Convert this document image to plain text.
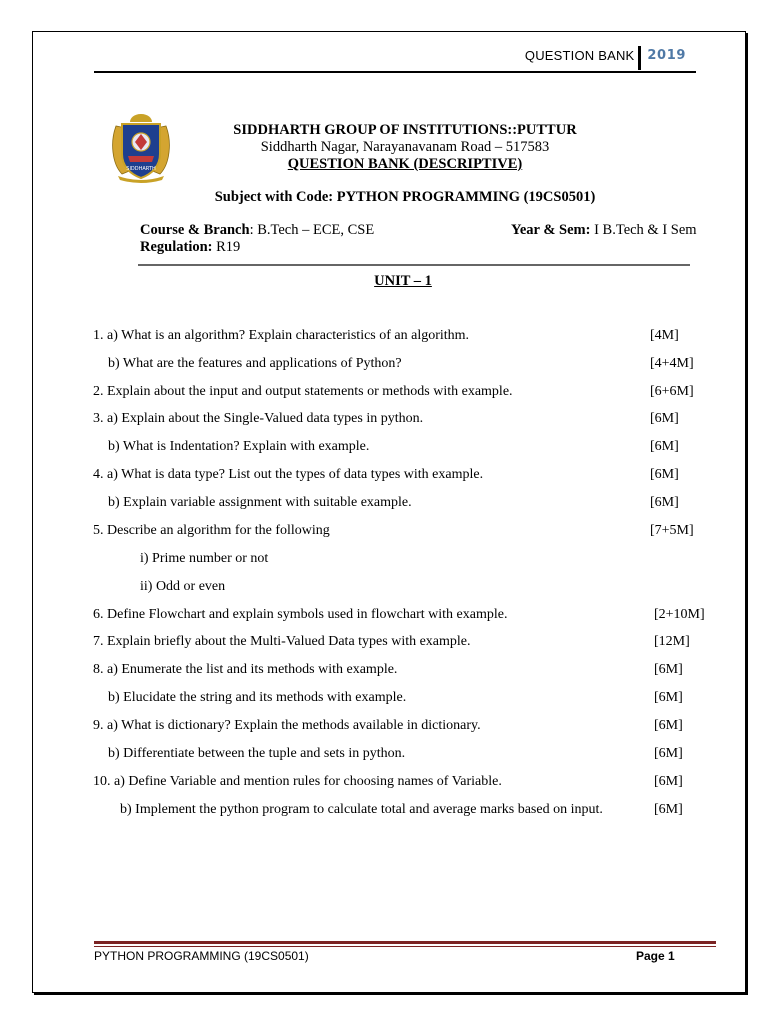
QUESTION BANK	2019
SIDDHARTH
SIDDHARTH GROUP OF INSTITUTIONS::PUTTUR
Siddharth Nagar, Narayanavanam Road – 517583
QUESTION BANK (DESCRIPTIVE)
Subject with Code: PYTHON PROGRAMMING (19CS0501)
Course & Branch: B.Tech – ECE, CSE	Year & Sem: I B.Tech & I Sem
Regulation: R19
UNIT – 1
1. a) What is an algorithm? Explain characteristics of an algorithm.	[4M]
b) What are the features and applications of Python?	[4+4M]
2. Explain about the input and output statements or methods with example.	[6+6M]
3. a) Explain about the Single-Valued data types in python.	[6M]
b) What is Indentation? Explain with example.	[6M]
4. a) What is data type? List out the types of data types with example.	[6M]
b) Explain variable assignment with suitable example.	[6M]
5. Describe an algorithm for the following	[7+5M]
i) Prime number or not
ii) Odd or even
6. Define Flowchart and explain symbols used in flowchart with example.	[2+10M]
7. Explain briefly about the Multi-Valued Data types with example.	[12M]
8. a) Enumerate the list and its methods with example.	[6M]
b) Elucidate the string and its methods with example.	[6M]
9. a) What is dictionary? Explain the methods available in dictionary.	[6M]
b) Differentiate between the tuple and sets in python.	[6M]
10. a) Define Variable and mention rules for choosing names of Variable.	[6M]
b) Implement the python program to calculate total and average marks based on input.	[6M]
PYTHON PROGRAMMING (19CS0501)	Page 1
